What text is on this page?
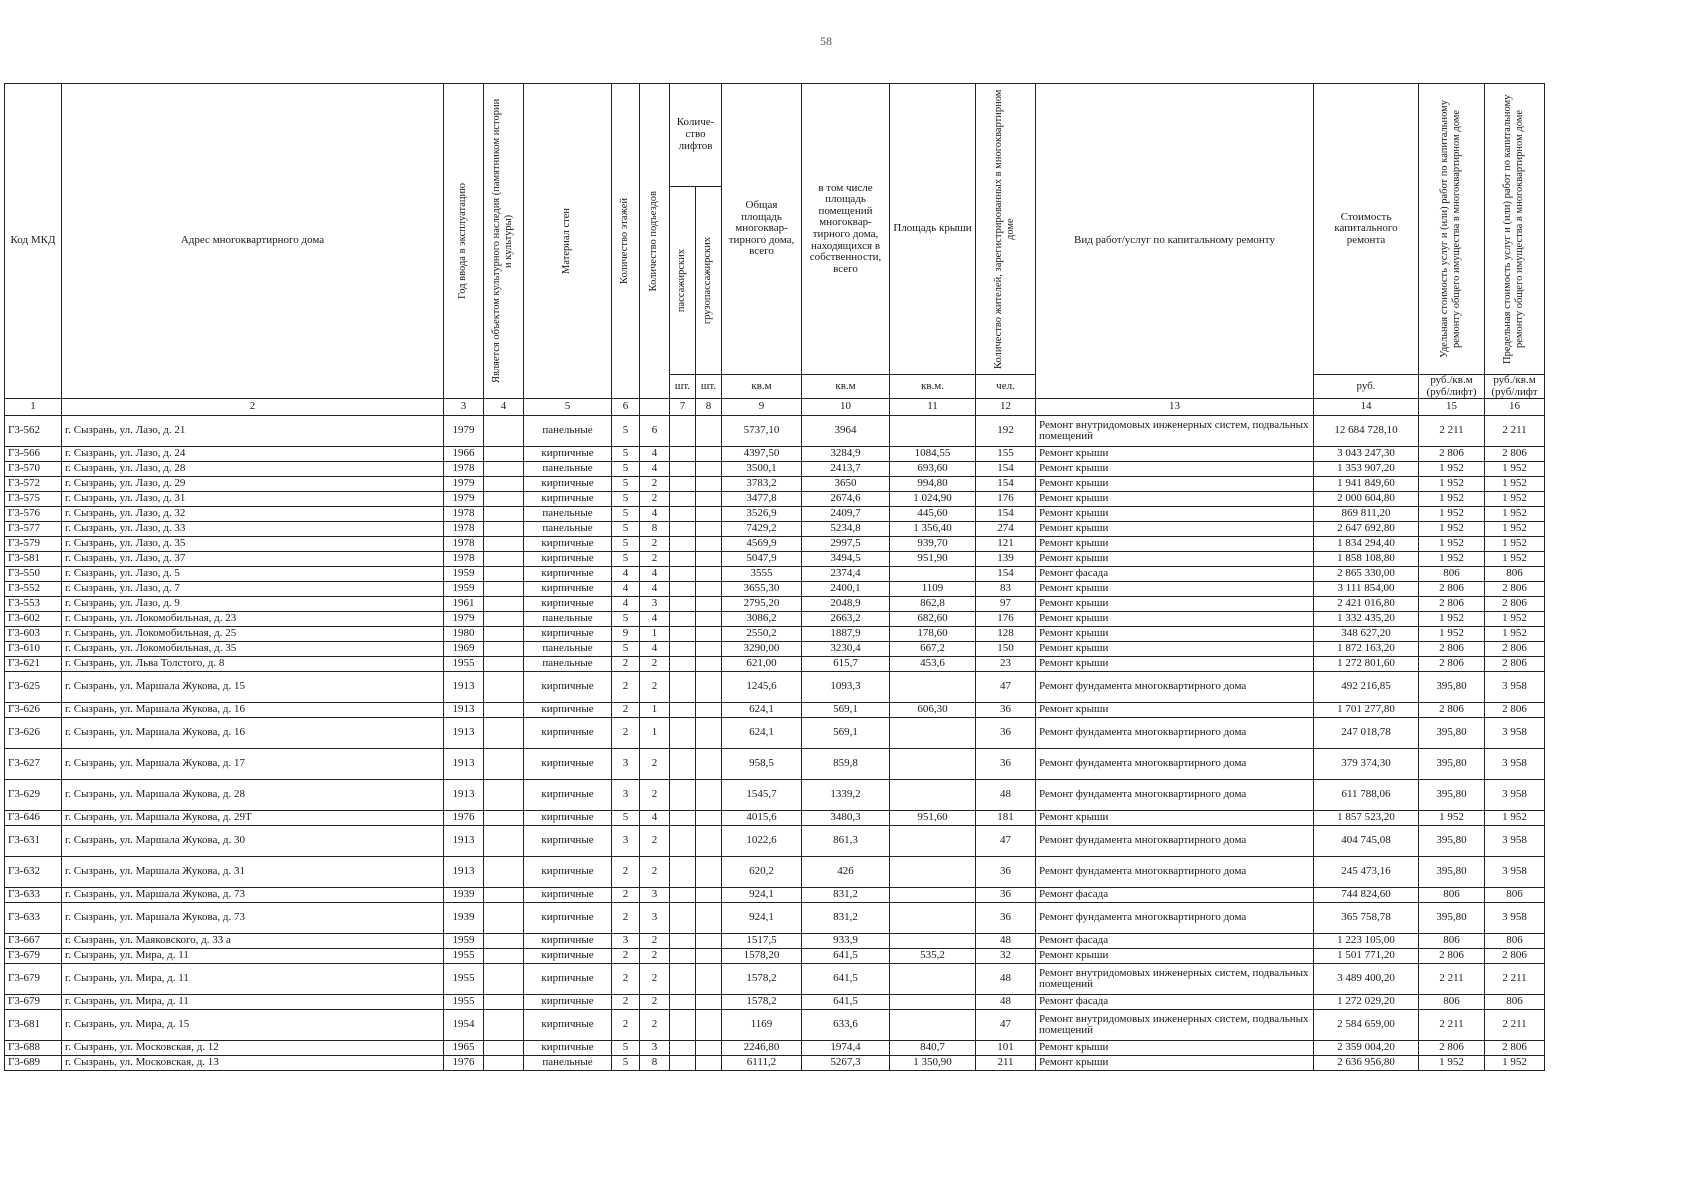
58
Код МКД	Адрес многоквартирного дома	Год ввода в эксплуатацию	Является объектом культурного наследия (памятником истории и культуры)	Материал стен	Количество этажей	Количество подъездов	Количе-ство лифтов		Общая площадь многоквар-тирного дома, всего	в том числе площадь помещений многоквар-тирного дома, находящихся в собственности, всего	Площадь крыши	Количество жителей, зарегистрированных в многоквартирном доме	Вид работ/услуг по капитальному ремонту	Стоимость капитального ремонта	Удельная стоимость услуг и (или) работ по капитальному ремонту общего имущества в многоквартирном доме	Предельная стоимость услуг и (или) работ по капитальному ремонту общего имущества в многоквартирном доме

							пассажирских	грузопассажирских								

							шт.	шт.	кв.м	кв.м	кв.м.	чел.		руб.	руб./кв.м (руб/лифт)	руб./кв.м (руб/лифт
1	2	3	4	5	6		7	8	9	10	11	12	13	14	15	16
Г3-562	г. Сызрань, ул. Лазо, д. 21	1979		панельные	5	6			5737,10	3964		192	Ремонт внутридомовых инженерных систем, подвальных помещений	12 684 728,10	2 211	2 211
Г3-566	г. Сызрань, ул. Лазо, д. 24	1966		кирпичные	5	4			4397,50	3284,9	1084,55	155	Ремонт крыши	3 043 247,30	2 806	2 806
Г3-570	г. Сызрань, ул. Лазо, д. 28	1978		панельные	5	4			3500,1	2413,7	693,60	154	Ремонт крыши	1 353 907,20	1 952	1 952
Г3-572	г. Сызрань, ул. Лазо, д. 29	1979		кирпичные	5	2			3783,2	3650	994,80	154	Ремонт крыши	1 941 849,60	1 952	1 952
Г3-575	г. Сызрань, ул. Лазо, д. 31	1979		кирпичные	5	2			3477,8	2674,6	1 024,90	176	Ремонт крыши	2 000 604,80	1 952	1 952
Г3-576	г. Сызрань, ул. Лазо, д. 32	1978		панельные	5	4			3526,9	2409,7	445,60	154	Ремонт крыши	869 811,20	1 952	1 952
Г3-577	г. Сызрань, ул. Лазо, д. 33	1978		панельные	5	8			7429,2	5234,8	1 356,40	274	Ремонт крыши	2 647 692,80	1 952	1 952
Г3-579	г. Сызрань, ул. Лазо, д. 35	1978		кирпичные	5	2			4569,9	2997,5	939,70	121	Ремонт крыши	1 834 294,40	1 952	1 952
Г3-581	г. Сызрань, ул. Лазо, д. 37	1978		кирпичные	5	2			5047,9	3494,5	951,90	139	Ремонт крыши	1 858 108,80	1 952	1 952
Г3-550	г. Сызрань, ул. Лазо, д. 5	1959		кирпичные	4	4			3555	2374,4		154	Ремонт фасада	2 865 330,00	806	806
Г3-552	г. Сызрань, ул. Лазо, д. 7	1959		кирпичные	4	4			3655,30	2400,1	1109	83	Ремонт крыши	3 111 854,00	2 806	2 806
Г3-553	г. Сызрань, ул. Лазо, д. 9	1961		кирпичные	4	3			2795,20	2048,9	862,8	97	Ремонт крыши	2 421 016,80	2 806	2 806
Г3-602	г. Сызрань, ул. Локомобильная, д. 23	1979		панельные	5	4			3086,2	2663,2	682,60	176	Ремонт крыши	1 332 435,20	1 952	1 952
Г3-603	г. Сызрань, ул. Локомобильная, д. 25	1980		кирпичные	9	1			2550,2	1887,9	178,60	128	Ремонт крыши	348 627,20	1 952	1 952
Г3-610	г. Сызрань, ул. Локомобильная, д. 35	1969		панельные	5	4			3290,00	3230,4	667,2	150	Ремонт крыши	1 872 163,20	2 806	2 806
Г3-621	г. Сызрань, ул. Льва Толстого, д. 8	1955		панельные	2	2			621,00	615,7	453,6	23	Ремонт крыши	1 272 801,60	2 806	2 806
Г3-625	г. Сызрань, ул. Маршала Жукова, д. 15	1913		кирпичные	2	2			1245,6	1093,3		47	Ремонт фундамента многоквартирного дома	492 216,85	395,80	3 958
Г3-626	г. Сызрань, ул. Маршала Жукова, д. 16	1913		кирпичные	2	1			624,1	569,1	606,30	36	Ремонт крыши	1 701 277,80	2 806	2 806
Г3-626	г. Сызрань, ул. Маршала Жукова, д. 16	1913		кирпичные	2	1			624,1	569,1		36	Ремонт фундамента многоквартирного дома	247 018,78	395,80	3 958
Г3-627	г. Сызрань, ул. Маршала Жукова, д. 17	1913		кирпичные	3	2			958,5	859,8		36	Ремонт фундамента многоквартирного дома	379 374,30	395,80	3 958
Г3-629	г. Сызрань, ул. Маршала Жукова, д. 28	1913		кирпичные	3	2			1545,7	1339,2		48	Ремонт фундамента многоквартирного дома	611 788,06	395,80	3 958
Г3-646	г. Сызрань, ул. Маршала Жукова, д. 29Т	1976		кирпичные	5	4			4015,6	3480,3	951,60	181	Ремонт крыши	1 857 523,20	1 952	1 952
Г3-631	г. Сызрань, ул. Маршала Жукова, д. 30	1913		кирпичные	3	2			1022,6	861,3		47	Ремонт фундамента многоквартирного дома	404 745,08	395,80	3 958
Г3-632	г. Сызрань, ул. Маршала Жукова, д. 31	1913		кирпичные	2	2			620,2	426		36	Ремонт фундамента многоквартирного дома	245 473,16	395,80	3 958
Г3-633	г. Сызрань, ул. Маршала Жукова, д. 73	1939		кирпичные	2	3			924,1	831,2		36	Ремонт фасада	744 824,60	806	806
Г3-633	г. Сызрань, ул. Маршала Жукова, д. 73	1939		кирпичные	2	3			924,1	831,2		36	Ремонт фундамента многоквартирного дома	365 758,78	395,80	3 958
Г3-667	г. Сызрань, ул. Маяковского, д. 33 а	1959		кирпичные	3	2			1517,5	933,9		48	Ремонт фасада	1 223 105,00	806	806
Г3-679	г. Сызрань, ул. Мира, д. 11	1955		кирпичные	2	2			1578,20	641,5	535,2	32	Ремонт крыши	1 501 771,20	2 806	2 806
Г3-679	г. Сызрань, ул. Мира, д. 11	1955		кирпичные	2	2			1578,2	641,5		48	Ремонт внутридомовых инженерных систем, подвальных помещений	3 489 400,20	2 211	2 211
Г3-679	г. Сызрань, ул. Мира, д. 11	1955		кирпичные	2	2			1578,2	641,5		48	Ремонт фасада	1 272 029,20	806	806
Г3-681	г. Сызрань, ул. Мира, д. 15	1954		кирпичные	2	2			1169	633,6		47	Ремонт внутридомовых инженерных систем, подвальных помещений	2 584 659,00	2 211	2 211
Г3-688	г. Сызрань, ул. Московская, д. 12	1965		кирпичные	5	3			2246,80	1974,4	840,7	101	Ремонт крыши	2 359 004,20	2 806	2 806
Г3-689	г. Сызрань, ул. Московская, д. 13	1976		панельные	5	8			6111,2	5267,3	1 350,90	211	Ремонт крыши	2 636 956,80	1 952	1 952
